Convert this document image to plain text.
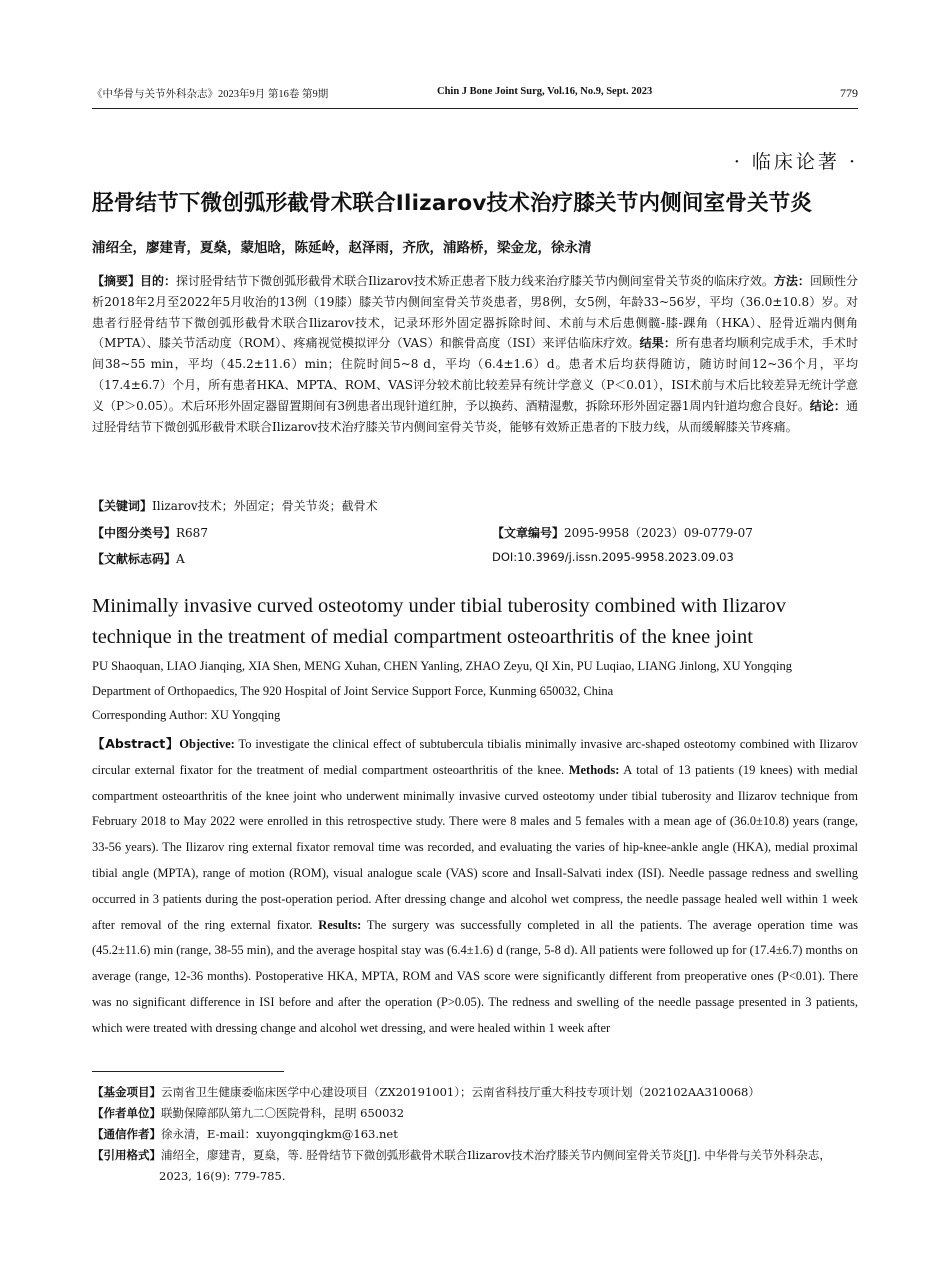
《中华骨与关节外科杂志》2023年9月 第16卷 第9期	Chin J Bone Joint Surg, Vol.16, No.9, Sept. 2023	779
· 临床论著 ·
胫骨结节下微创弧形截骨术联合Ilizarov技术治疗膝关节内侧间室骨关节炎
浦绍全，廖建青，夏燊，蒙旭晗，陈延岭，赵泽雨，齐欣，浦路桥，梁金龙，徐永清
【摘要】目的：探讨胫骨结节下微创弧形截骨术联合Ilizarov技术矫正患者下肢力线来治疗膝关节内侧间室骨关节炎的临床疗效。方法：回顾性分析2018年2月至2022年5月收治的13例（19膝）膝关节内侧间室骨关节炎患者，男8例，女5例，年龄33~56岁，平均（36.0±10.8）岁。对患者行胫骨结节下微创弧形截骨术联合Ilizarov技术，记录环形外固定器拆除时间、术前与术后患侧髋-膝-踝角（HKA）、胫骨近端内侧角（MPTA）、膝关节活动度（ROM）、疼痛视觉模拟评分（VAS）和髌骨高度（ISI）来评估临床疗效。结果：所有患者均顺利完成手术，手术时间38~55 min，平均（45.2±11.6）min；住院时间5~8 d，平均（6.4±1.6）d。患者术后均获得随访，随访时间12~36个月，平均（17.4±6.7）个月，所有患者HKA、MPTA、ROM、VAS评分较术前比较差异有统计学意义（P＜0.01），ISI术前与术后比较差异无统计学意义（P＞0.05）。术后环形外固定器留置期间有3例患者出现针道红肿，予以换药、酒精湿敷，拆除环形外固定器1周内针道均愈合良好。结论：通过胫骨结节下微创弧形截骨术联合Ilizarov技术治疗膝关节内侧间室骨关节炎，能够有效矫正患者的下肢力线，从而缓解膝关节疼痛。
【关键词】Ilizarov技术；外固定；骨关节炎；截骨术
【中图分类号】R687	【文章编号】2095-9958（2023）09-0779-07
【文献标志码】A	DOI:10.3969/j.issn.2095-9958.2023.09.03
Minimally invasive curved osteotomy under tibial tuberosity combined with Ilizarov
technique in the treatment of medial compartment osteoarthritis of the knee joint
PU Shaoquan, LIAO Jianqing, XIA Shen, MENG Xuhan, CHEN Yanling, ZHAO Zeyu, QI Xin, PU Luqiao, LIANG Jinlong, XU Yongqing
Department of Orthopaedics, The 920 Hospital of Joint Service Support Force, Kunming 650032, China
Corresponding Author: XU Yongqing
【Abstract】Objective: To investigate the clinical effect of subtubercula tibialis minimally invasive arc-shaped osteotomy combined with Ilizarov circular external fixator for the treatment of medial compartment osteoarthritis of the knee. Methods: A total of 13 patients (19 knees) with medial compartment osteoarthritis of the knee joint who underwent minimally invasive curved osteotomy under tibial tuberosity and Ilizarov technique from February 2018 to May 2022 were enrolled in this retrospective study. There were 8 males and 5 females with a mean age of (36.0±10.8) years (range, 33-56 years). The Ilizarov ring external fixator removal time was recorded, and evaluating the varies of hip-knee-ankle angle (HKA), medial proximal tibial angle (MPTA), range of motion (ROM), visual analogue scale (VAS) score and Insall-Salvati index (ISI). Needle passage redness and swelling occurred in 3 patients during the post-operation period. After dressing change and alcohol wet compress, the needle passage healed well within 1 week after removal of the ring external fixator. Results: The surgery was successfully completed in all the patients. The average operation time was (45.2±11.6) min (range, 38-55 min), and the average hospital stay was (6.4±1.6) d (range, 5-8 d). All patients were followed up for (17.4±6.7) months on average (range, 12-36 months). Postoperative HKA, MPTA, ROM and VAS score were significantly different from preoperative ones (P<0.01). There was no significant difference in ISI before and after the operation (P>0.05). The redness and swelling of the needle passage presented in 3 patients, which were treated with dressing change and alcohol wet dressing, and were healed within 1 week after
【基金项目】云南省卫生健康委临床医学中心建设项目（ZX20191001）；云南省科技厅重大科技专项计划（202102AA310068）
【作者单位】联勤保障部队第九二〇医院骨科，昆明 650032
【通信作者】徐永清，E-mail：xuyongqingkm@163.net
【引用格式】浦绍全，廖建青，夏燊，等. 胫骨结节下微创弧形截骨术联合Ilizarov技术治疗膝关节内侧间室骨关节炎[J]. 中华骨与关节外科杂志，
2023, 16(9): 779-785.
